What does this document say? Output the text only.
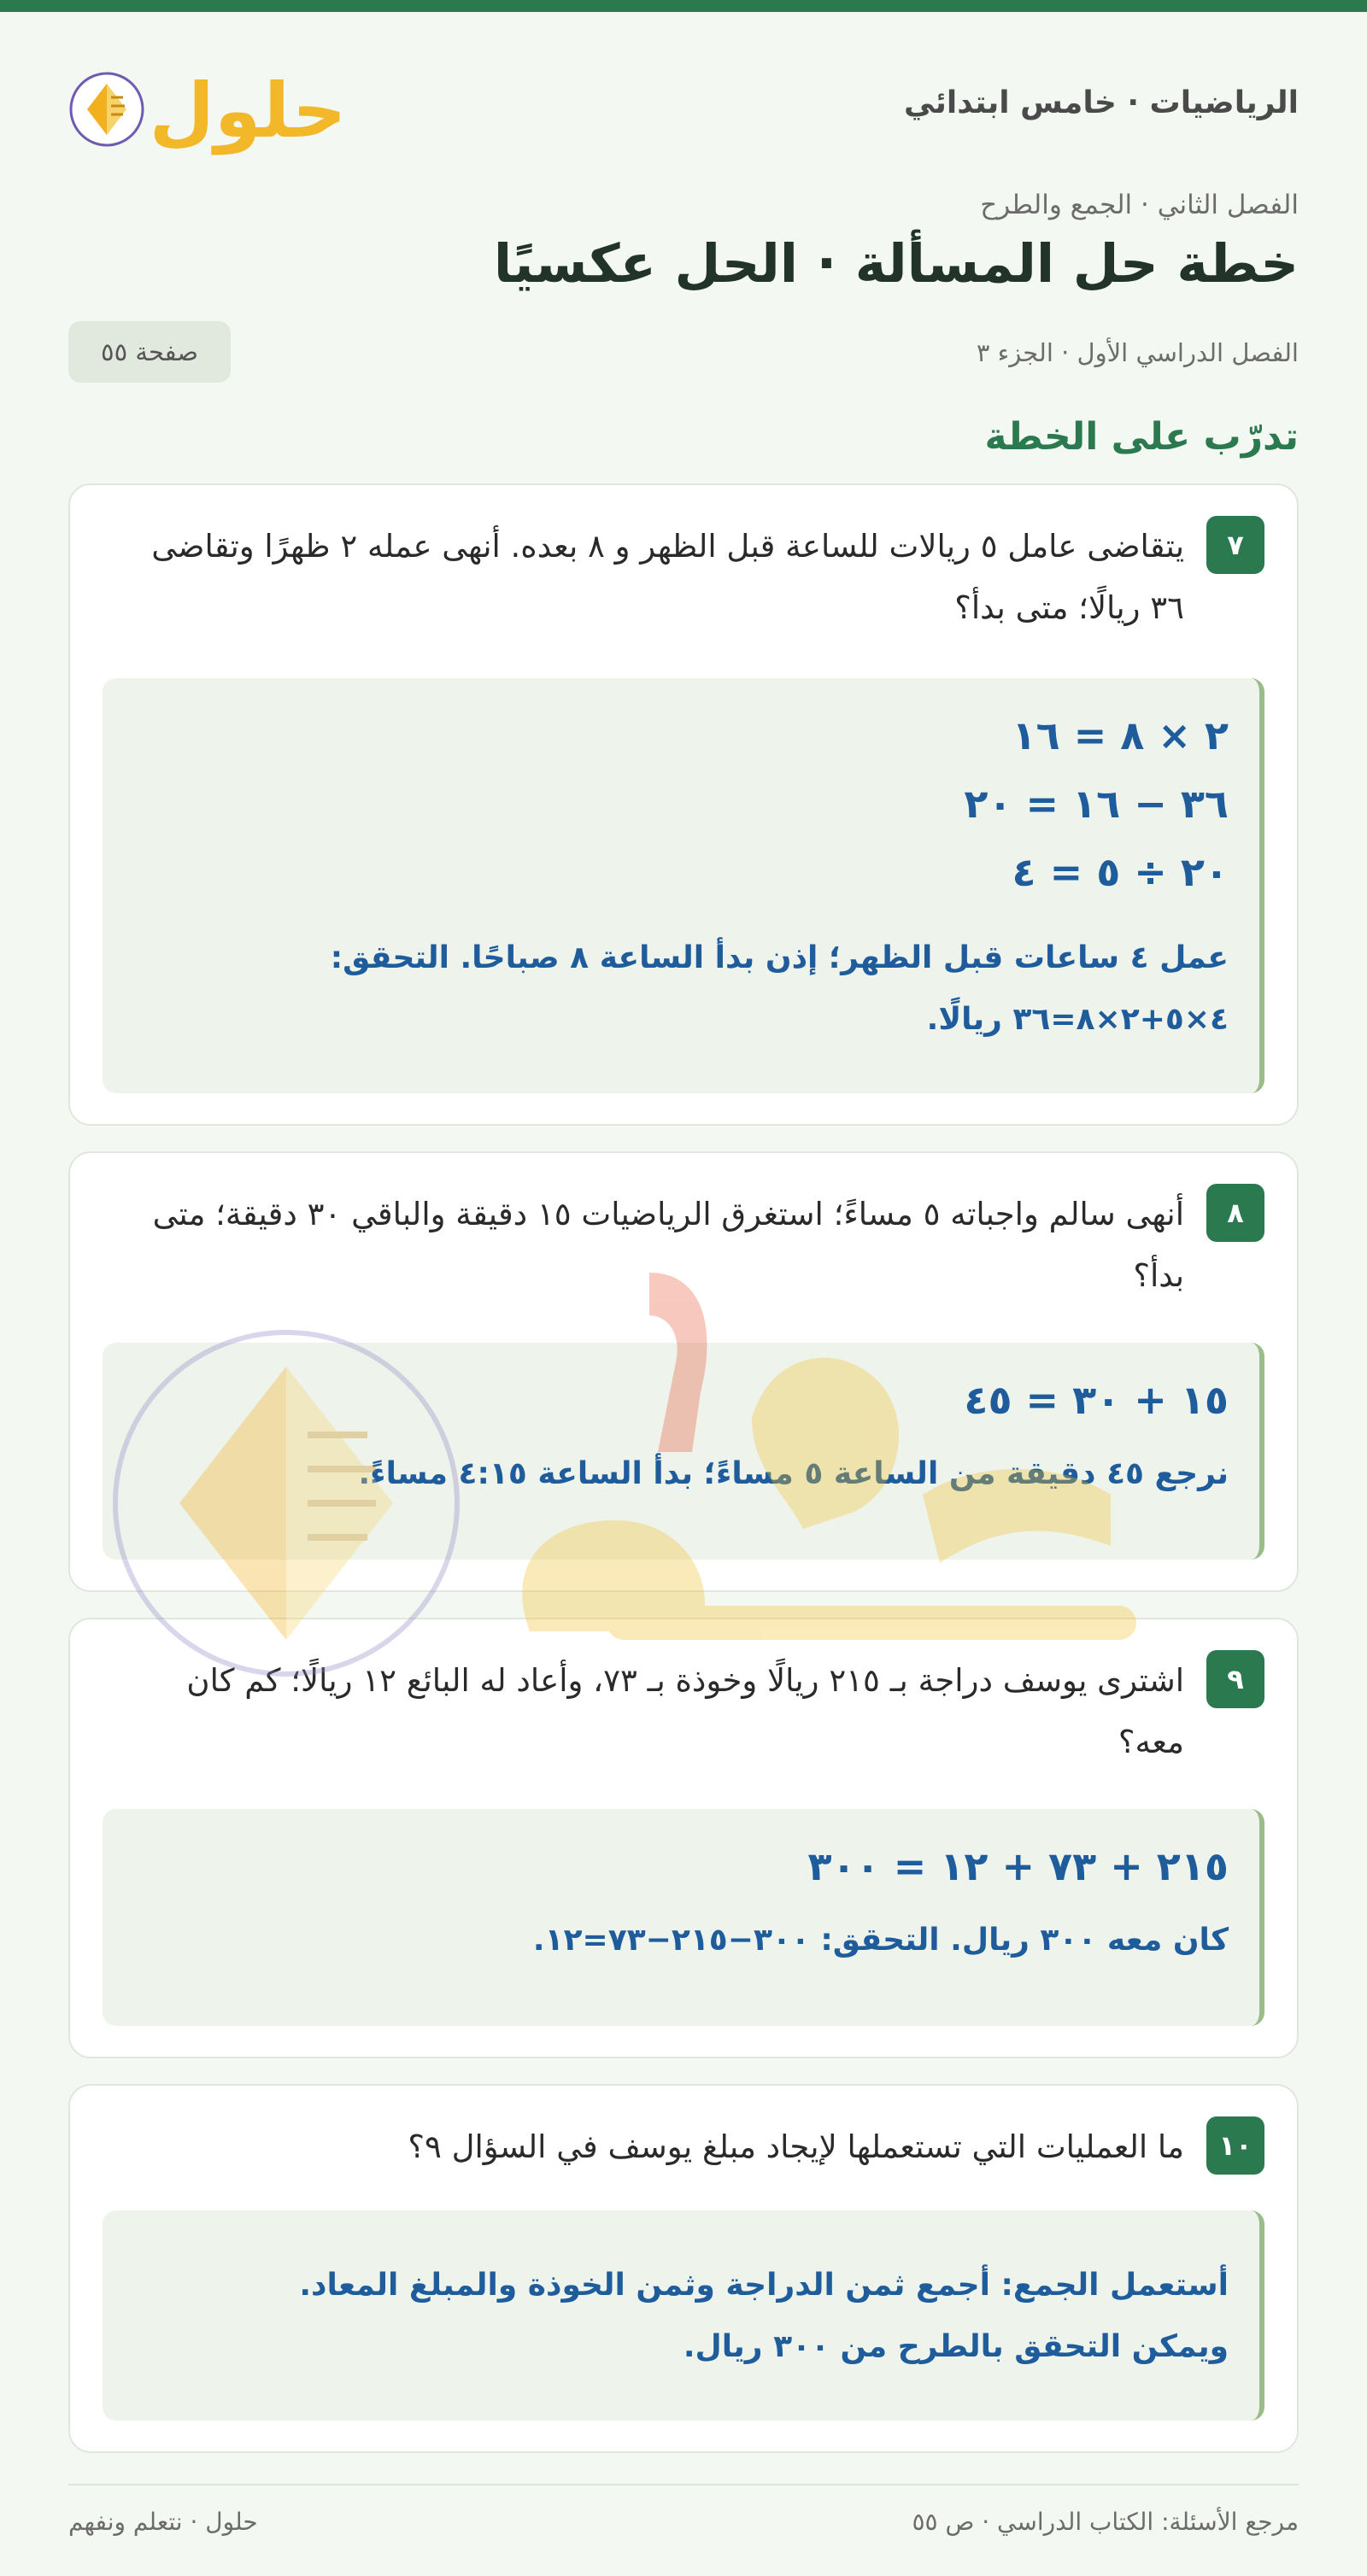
الرياضيات · خامس ابتدائي
حلول
الفصل الثاني · الجمع والطرح
خطة حل المسألة · الحل عكسيًا
الفصل الدراسي الأول · الجزء ٣
صفحة ٥٥
تدرّب على الخطة
٧
يتقاضى عامل ٥ ريالات للساعة قبل الظهر و ٨ بعده. أنهى عمله ٢ ظهرًا وتقاضى ٣٦ ريالًا؛ متى بدأ؟
٢ × ٨ = ١٦
٣٦ − ١٦ = ٢٠
٢٠ ÷ ٥ = ٤
عمل ٤ ساعات قبل الظهر؛ إذن بدأ الساعة ٨ صباحًا. التحقق: ٤×٥+٢×٨=٣٦ ريالًا.
٨
أنهى سالم واجباته ٥ مساءً؛ استغرق الرياضيات ١٥ دقيقة والباقي ٣٠ دقيقة؛ متى بدأ؟
١٥ + ٣٠ = ٤٥
نرجع ٤٥ دقيقة من الساعة ٥ مساءً؛ بدأ الساعة ٤:١٥ مساءً.
٩
اشترى يوسف دراجة بـ ٢١٥ ريالًا وخوذة بـ ٧٣، وأعاد له البائع ١٢ ريالًا؛ كم كان معه؟
٢١٥ + ٧٣ + ١٢ = ٣٠٠
كان معه ٣٠٠ ريال. التحقق: ٣٠٠−٢١٥−٧٣=١٢.
١٠
ما العمليات التي تستعملها لإيجاد مبلغ يوسف في السؤال ٩؟
أستعمل الجمع: أجمع ثمن الدراجة وثمن الخوذة والمبلغ المعاد. ويمكن التحقق بالطرح من ٣٠٠ ريال.
مرجع الأسئلة: الكتاب الدراسي · ص ٥٥
حلول · نتعلم ونفهم
